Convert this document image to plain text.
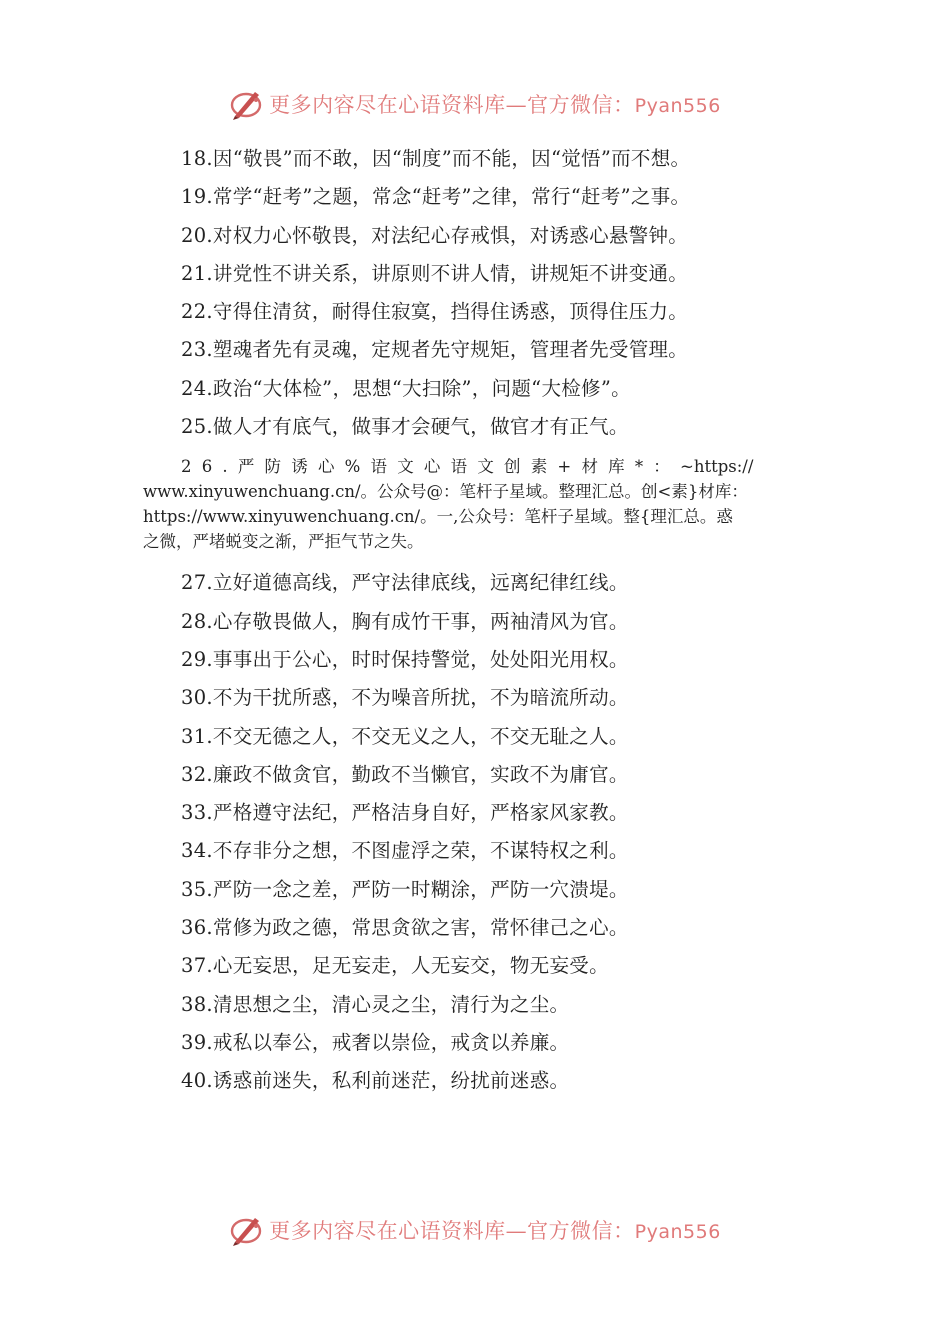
更多内容尽在心语资料库—官方微信：Pyan556
18.因“敬畏”而不敢，因“制度”而不能，因“觉悟”而不想。
19.常学“赶考”之题，常念“赶考”之律，常行“赶考”之事。
20.对权力心怀敬畏，对法纪心存戒惧，对诱惑心悬警钟。
21.讲党性不讲关系，讲原则不讲人情，讲规矩不讲变通。
22.守得住清贫，耐得住寂寞，挡得住诱惑，顶得住压力。
23.塑魂者先有灵魂，定规者先守规矩，管理者先受管理。
24.政治“大体检”，思想“大扫除”，问题“大检修”。
25.做人才有底气，做事才会硬气，做官才有正气。
26.严防诱心%语文心语文创素+材库*：~https://
www.xinyuwenchuang.cn/。公众号@：笔杆子星域。整理汇总。创<素}材库：
https://www.xinyuwenchuang.cn/。一,公众号：笔杆子星域。整{理汇总。惑
之微，严堵蜕变之渐，严拒气节之失。
27.立好道德高线，严守法律底线，远离纪律红线。
28.心存敬畏做人，胸有成竹干事，两袖清风为官。
29.事事出于公心，时时保持警觉，处处阳光用权。
30.不为干扰所惑，不为噪音所扰，不为暗流所动。
31.不交无德之人，不交无义之人，不交无耻之人。
32.廉政不做贪官，勤政不当懒官，实政不为庸官。
33.严格遵守法纪，严格洁身自好，严格家风家教。
34.不存非分之想，不图虚浮之荣，不谋特权之利。
35.严防一念之差，严防一时糊涂，严防一穴溃堤。
36.常修为政之德，常思贪欲之害，常怀律己之心。
37.心无妄思，足无妄走，人无妄交，物无妄受。
38.清思想之尘，清心灵之尘，清行为之尘。
39.戒私以奉公，戒奢以崇俭，戒贪以养廉。
40.诱惑前迷失，私利前迷茫，纷扰前迷惑。
更多内容尽在心语资料库—官方微信：Pyan556
